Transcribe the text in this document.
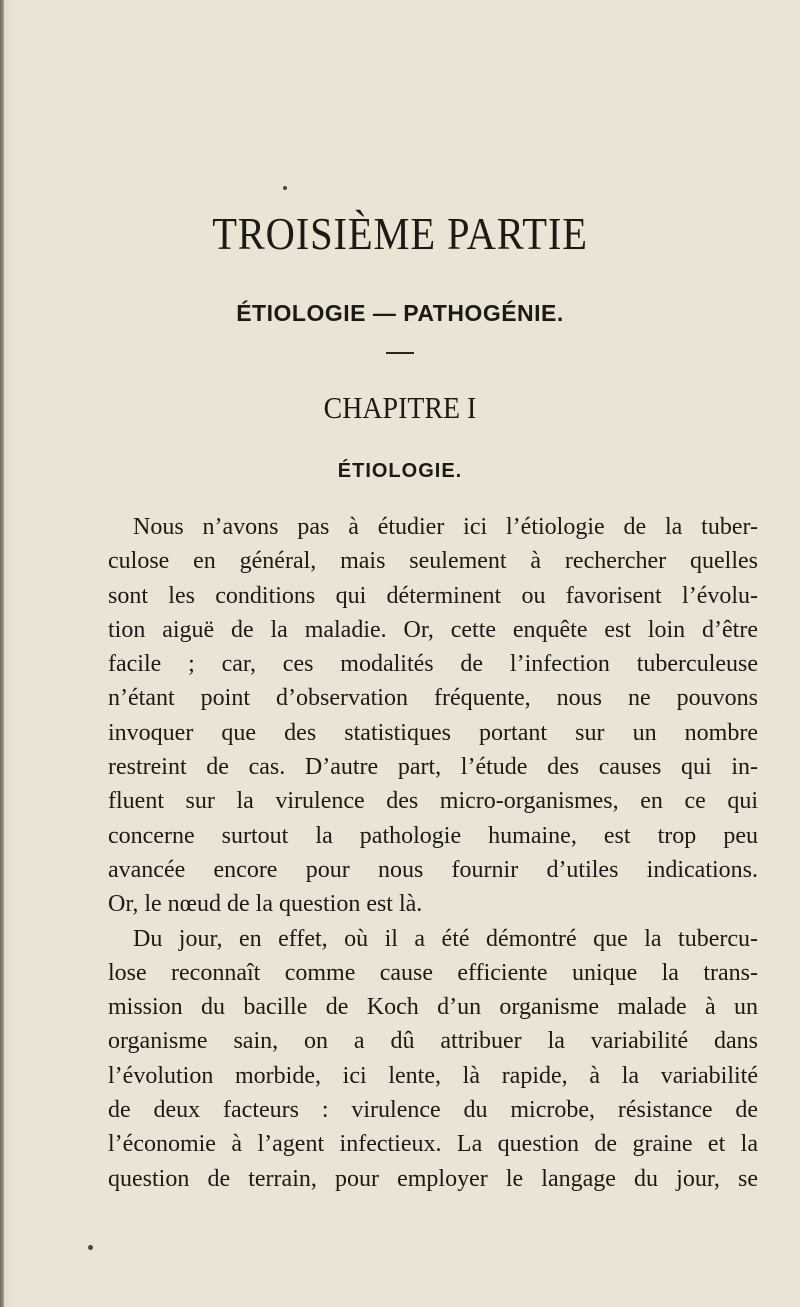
TROISIÈME PARTIE
ÉTIOLOGIE — PATHOGÉNIE.
CHAPITRE I
ÉTIOLOGIE.

Nous n’avons pas à étudier ici l’étiologie de la tuber-
culose en général, mais seulement à rechercher quelles
sont les conditions qui déterminent ou favorisent l’évolu-
tion aiguë de la maladie. Or, cette enquête est loin d’être
facile ; car, ces modalités de l’infection tuberculeuse
n’étant point d’observation fréquente, nous ne pouvons
invoquer que des statistiques portant sur un nombre
restreint de cas. D’autre part, l’étude des causes qui in-
fluent sur la virulence des micro-organismes, en ce qui
concerne surtout la pathologie humaine, est trop peu
avancée encore pour nous fournir d’utiles indications.
Or, le nœud de la question est là.

Du jour, en effet, où il a été démontré que la tubercu-
lose reconnaît comme cause efficiente unique la trans-
mission du bacille de Koch d’un organisme malade à un
organisme sain, on a dû attribuer la variabilité dans
l’évolution morbide, ici lente, là rapide, à la variabilité
de deux facteurs : virulence du microbe, résistance de
l’économie à l’agent infectieux. La question de graine et la
question de terrain, pour employer le langage du jour, se
